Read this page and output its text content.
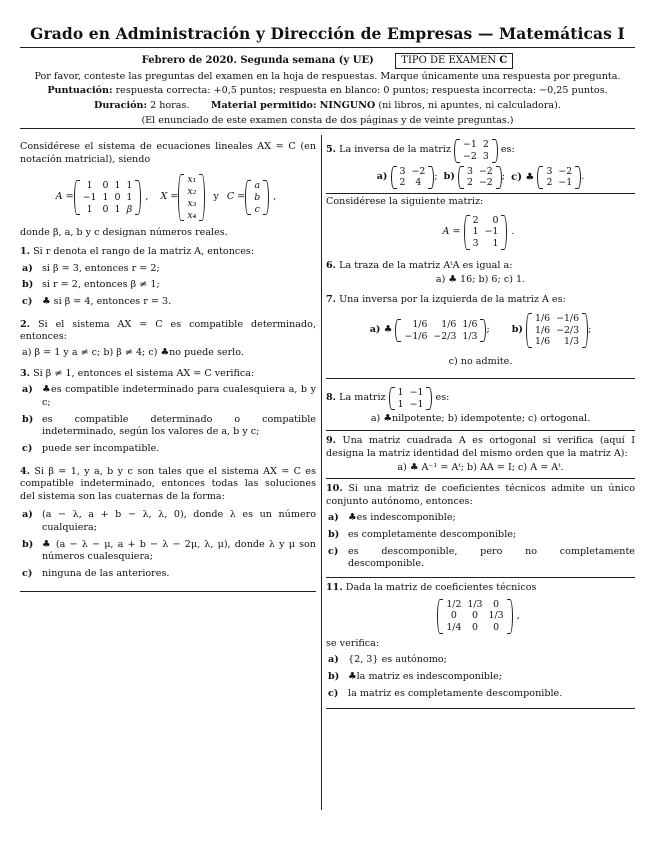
Grado en Administración y Dirección de Empresas — Matemáticas I
Febrero de 2020. Segunda semana (y UE)	TIPO DE EXAMEN C
Por favor, conteste las preguntas del examen en la hoja de respuestas. Marque únicamente una respuesta por pregunta.
Puntuación: respuesta correcta: +0,5 puntos; respuesta en blanco: 0 puntos; respuesta incorrecta: −0,25 puntos.
Duración: 2 horas. Material permitido: NINGUNO (ni libros, ni apuntes, ni calculadora).
(El enunciado de este examen consta de dos páginas y de veinte preguntas.)

Considérese el sistema de ecuaciones lineales AX = C (en notación matricial), siendo

A =
1	0	1	1
−1	1	0	1
1	0	1	β
, X =
x₁
x₂
x₃
x₄
y C =
a
b
c
,

donde β, a, b y c designan números reales.

1. Si r denota el rango de la matriz A, entonces:

a) si β = 3, entonces r = 2;
b) si r = 2, entonces β ≠ 1;
c)	♣ si β = 4, entonces r = 3.

2. Si el sistema AX = C es compatible determinado, entonces:

a) β = 1 y a ≠ c; b) β ≠ 4; c) ♣no puede serlo.

3. Si β ≠ 1, entonces el sistema AX = C verifica:

a) ♣es compatible indeterminado para cualesquiera a, b y c;
b) es compatible determinado o compatible indeterminado, según los valores de a, b y c;
c)	puede ser incompatible.

4. Si β = 1, y a, b y c son tales que el sistema AX = C es compatible indeterminado, entonces todas las soluciones del sistema son las cuaternas de la forma:

a) (a − λ, a + b − λ, λ, 0), donde λ es un número cualquiera;
b) ♣ (a − λ − μ, a + b − λ − 2μ, λ, μ), donde λ y μ son números cualesquiera;
c)	ninguna de las anteriores.
5.
La inversa de la matriz
−1	2
−2	3

es:
a)
3	−2
2	4
; b)
3	−2
2	−2
; c) ♣

3	−2
2	−1
.

Considérese la siguiente matriz:

A =

2	0
1	−1
3	1
.

6. La traza de la matriz AᵗA es igual a:

a) ♣ 16; b) 6; c) 1.

7. Una inversa por la izquierda de la matriz A es:

a) ♣
1/6	1/6	1/6
−1/6	−2/3	1/3
; b)

1/6	−1/6
1/6	−2/3
1/6	1/3
;

c) no admite.

8.
La matriz
1	−1
1	−1

es:

a) ♣nilpotente; b) idempotente; c) ortogonal.

9. Una matriz cuadrada A es ortogonal si verifica (aquí I designa la matriz identidad del mismo orden que la matriz A):

a) ♣ A⁻¹ = Aᵗ; b) AA = I; c) A = Aᵗ.

10. Si una matriz de coeficientes técnicos admite un único conjunto autónomo, entonces:

a) ♣es indescomponible;
b) es completamente descomponible;
c)	es descomponible, pero no completamente descomponible.

11. Dada la matriz de coeficientes técnicos

1/2	1/3	0
0	0	1/3
1/4	0	0
,

se verifica:

a) {2, 3} es autónomo;
b) ♣la matriz es indescomponible;
c)	la matriz es completamente descomponible.
